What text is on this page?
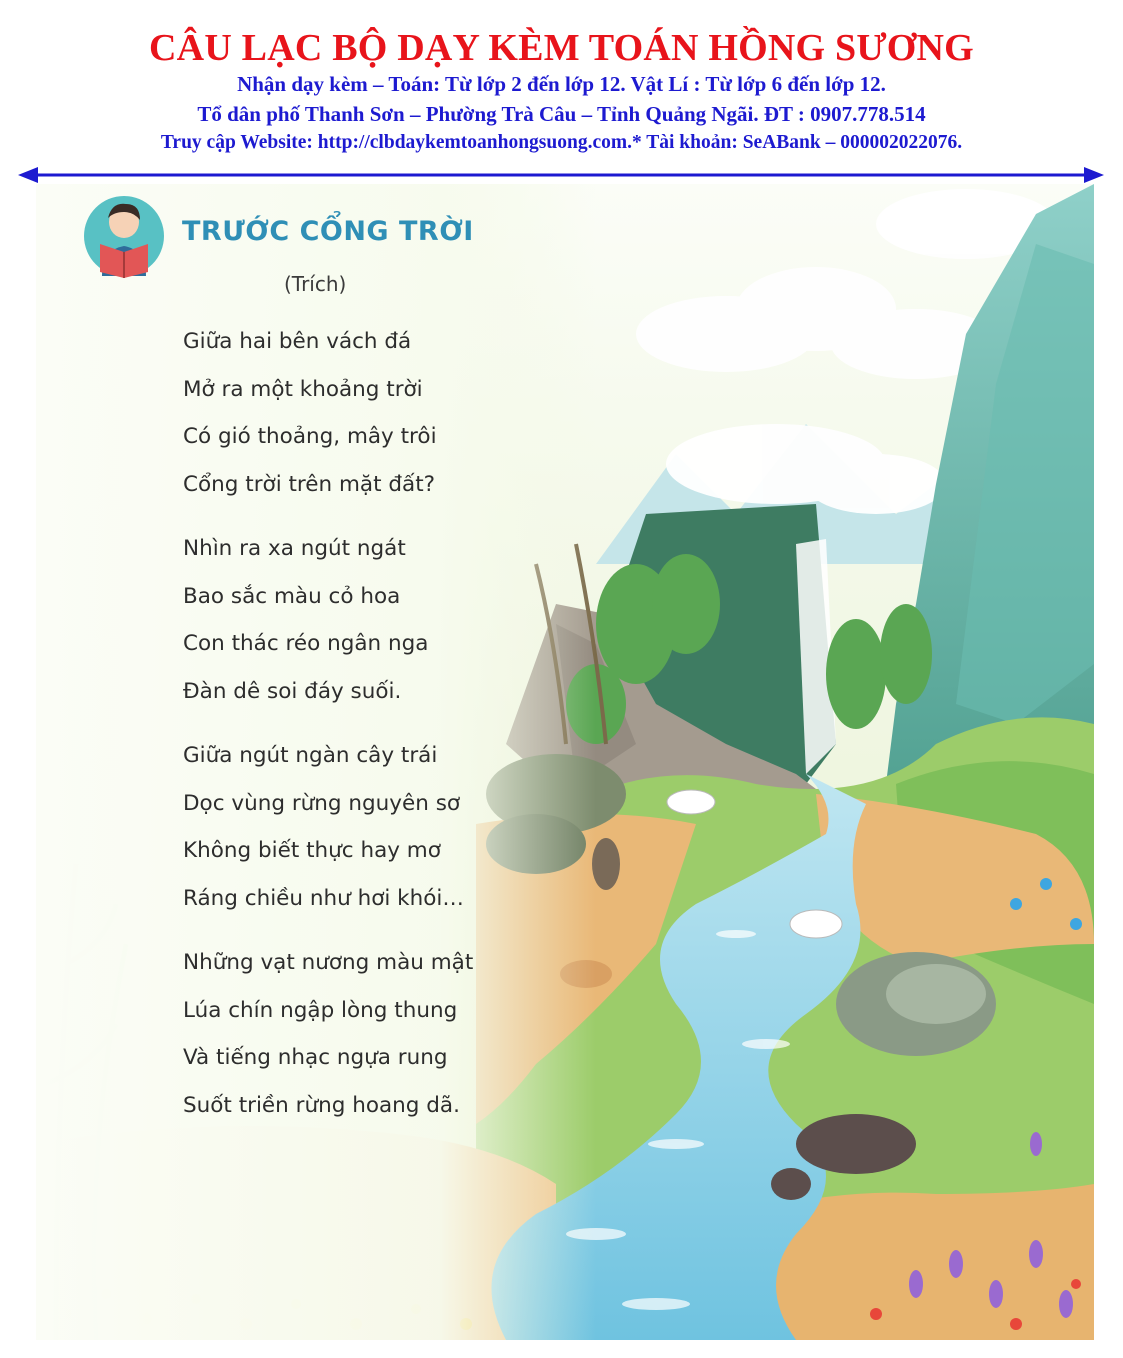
CÂU LẠC BỘ DẠY KÈM TOÁN HỒNG SƯƠNG
Nhận dạy kèm – Toán: Từ lớp 2 đến lớp 12. Vật Lí : Từ lớp 6 đến lớp 12.
Tổ dân phố Thanh Sơn – Phường Trà Câu – Tỉnh Quảng Ngãi. ĐT : 0907.778.514
Truy cập Website: http://clbdaykemtoanhongsuong.com.* Tài khoản: SeABank – 000002022076.
TRƯỚC CỔNG TRỜI
(Trích)
Giữa hai bên vách đá
Mở ra một khoảng trời
Có gió thoảng, mây trôi
Cổng trời trên mặt đất?
Nhìn ra xa ngút ngát
Bao sắc màu cỏ hoa
Con thác réo ngân nga
Đàn dê soi đáy suối.
Giữa ngút ngàn cây trái
Dọc vùng rừng nguyên sơ
Không biết thực hay mơ
Ráng chiều như hơi khói…
Những vạt nương màu mật
Lúa chín ngập lòng thung
Và tiếng nhạc ngựa rung
Suốt triền rừng hoang dã.
